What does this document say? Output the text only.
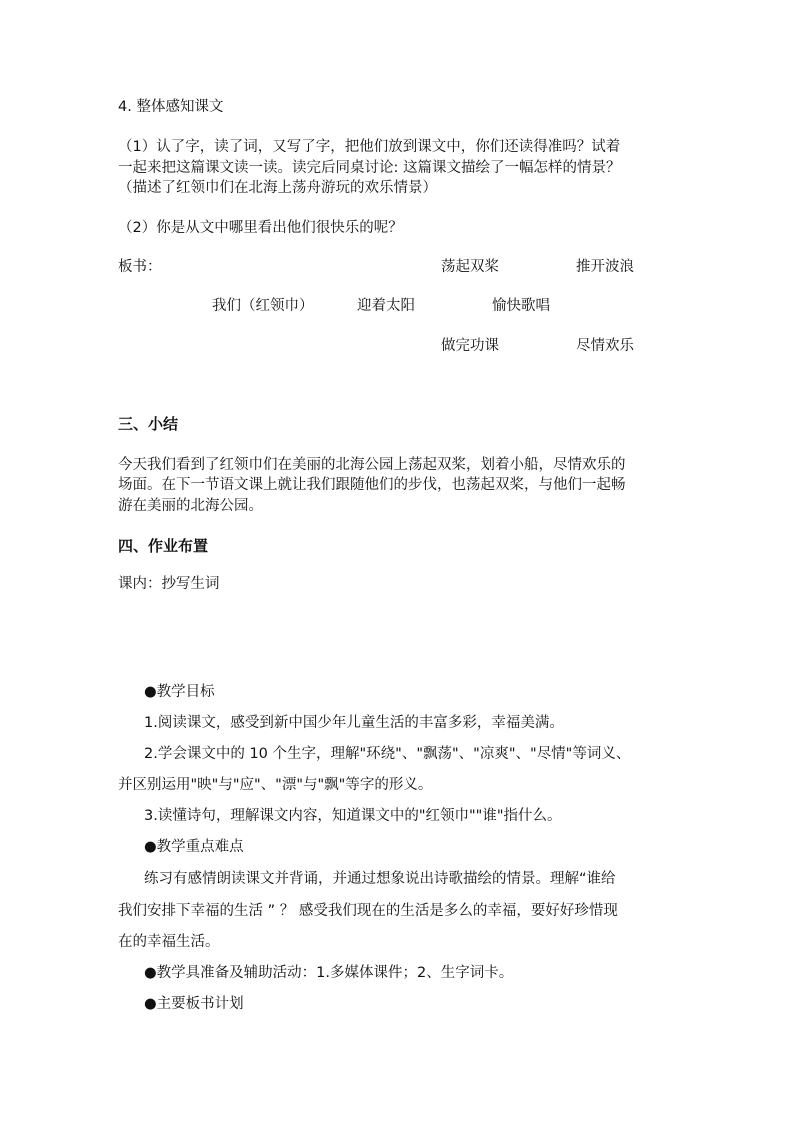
4. 整体感知课文
（1）认了字，读了词，又写了字，把他们放到课文中，你们还读得准吗？试着
一起来把这篇课文读一读。读完后同桌讨论: 这篇课文描绘了一幅怎样的情景？
（描述了红领巾们在北海上荡舟游玩的欢乐情景）
（2）你是从文中哪里看出他们很快乐的呢？
板书：	荡起双桨	推开波浪
我们（红领巾）	迎着太阳	愉快歌唱
做完功课	尽情欢乐
三、小结
今天我们看到了红领巾们在美丽的北海公园上荡起双桨，划着小船，尽情欢乐的
场面。在下一节语文课上就让我们跟随他们的步伐，也荡起双桨，与他们一起畅
游在美丽的北海公园。
四、作业布置
课内：抄写生词
●教学目标
1.阅读课文，感受到新中国少年儿童生活的丰富多彩，幸福美满。
2.学会课文中的 10 个生字，理解"环绕"、"飘荡"、"凉爽"、"尽情"等词义、
并区别运用"映"与"应"、"漂"与"飘"等字的形义。
3.读懂诗句，理解课文内容，知道课文中的"红领巾""谁"指什么。
●教学重点难点
练习有感情朗读课文并背诵，并通过想象说出诗歌描绘的情景。理解“谁给
我们安排下幸福的生活 ” ？ 感受我们现在的生活是多么的幸福，要好好珍惜现
在的幸福生活。
●教学具准备及辅助活动：1.多媒体课件；2、生字词卡。
●主要板书计划
